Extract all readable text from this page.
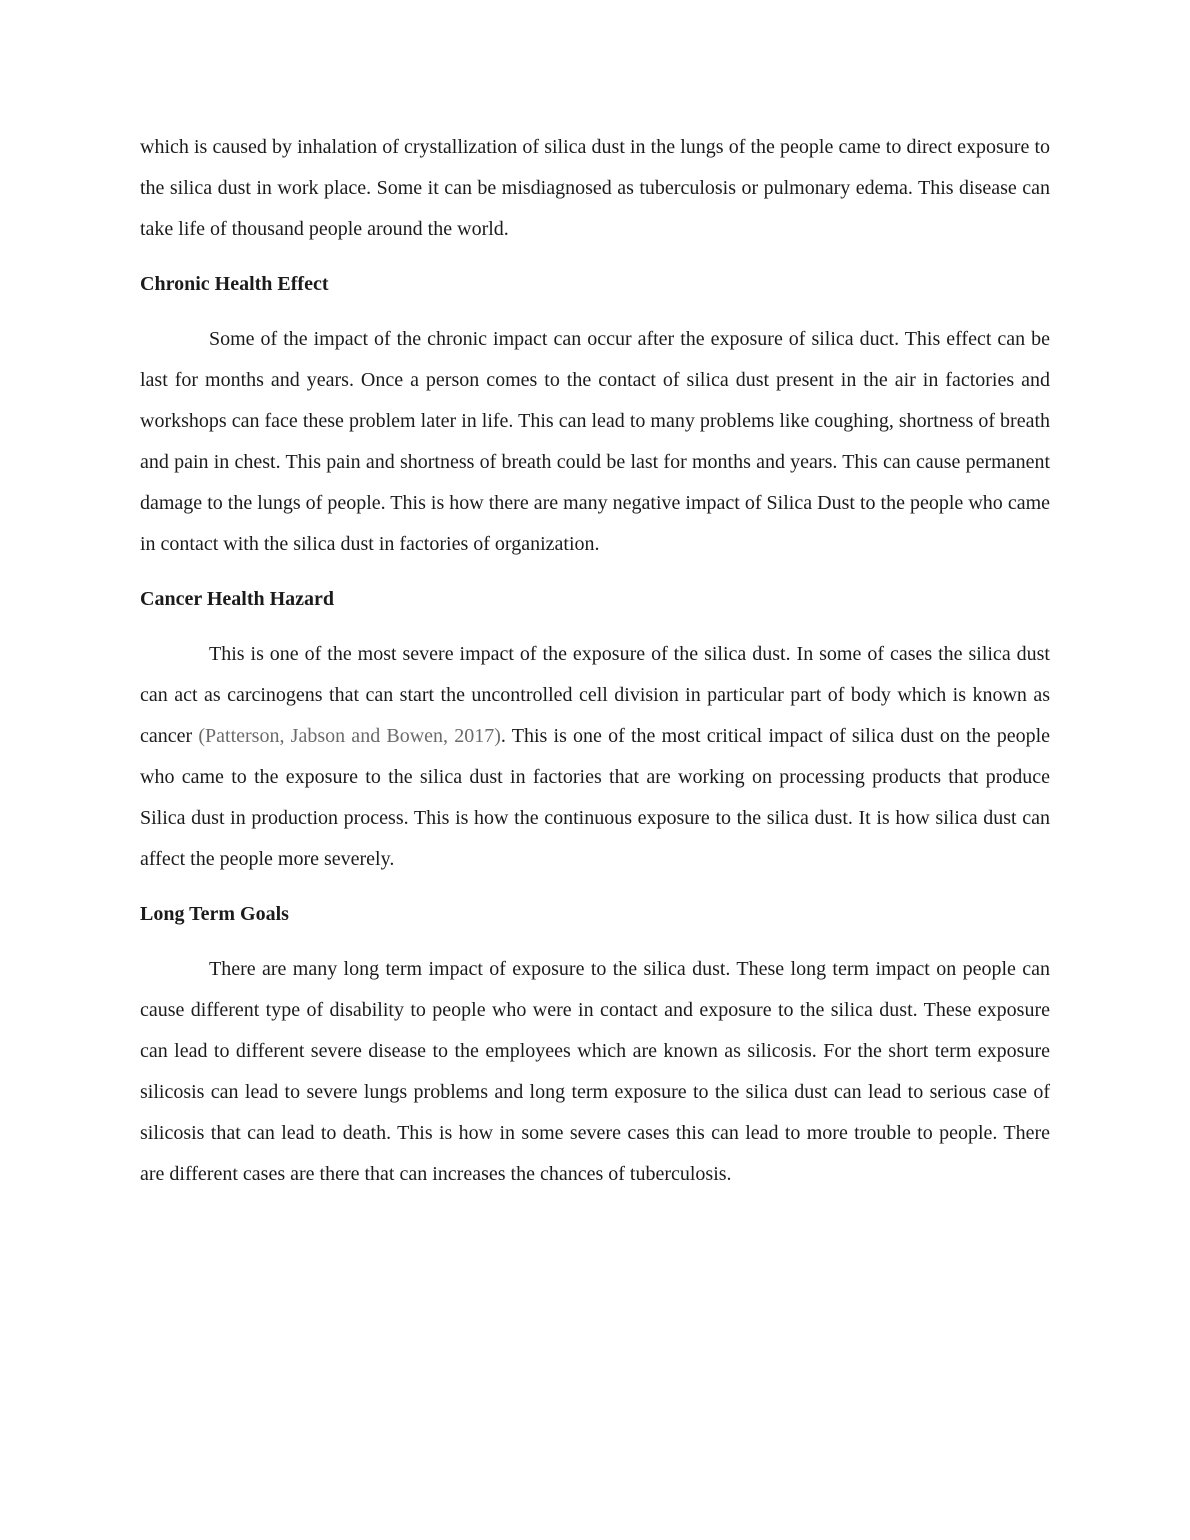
which is caused by inhalation of crystallization of silica dust in the lungs of the people came to direct exposure to the silica dust in work place. Some it can be misdiagnosed as tuberculosis or pulmonary edema. This disease can take life of thousand people around the world.

Chronic Health Effect

Some of the impact of the chronic impact can occur after the exposure of silica duct. This effect can be last for months and years. Once a person comes to the contact of silica dust present in the air in factories and workshops can face these problem later in life. This can lead to many problems like coughing, shortness of breath and pain in chest. This pain and shortness of breath could be last for months and years. This can cause permanent damage to the lungs of people. This is how there are many negative impact of Silica Dust to the people who came in contact with the silica dust in factories of organization.

Cancer Health Hazard

This is one of the most severe impact of the exposure of the silica dust. In some of cases the silica dust can act as carcinogens that can start the uncontrolled cell division in particular part of body which is known as cancer (Patterson, Jabson and Bowen, 2017). This is one of the most critical impact of silica dust on the people who came to the exposure to the silica dust in factories that are working on processing products that produce Silica dust in production process. This is how the continuous exposure to the silica dust. It is how silica dust can affect the people more severely.

Long Term Goals

There are many long term impact of exposure to the silica dust. These long term impact on people can cause different type of disability to people who were in contact and exposure to the silica dust. These exposure can lead to different severe disease to the employees which are known as silicosis. For the short term exposure silicosis can lead to severe lungs problems and long term exposure to the silica dust can lead to serious case of silicosis that can lead to death. This is how in some severe cases this can lead to more trouble to people. There are different cases are there that can increases the chances of tuberculosis.
